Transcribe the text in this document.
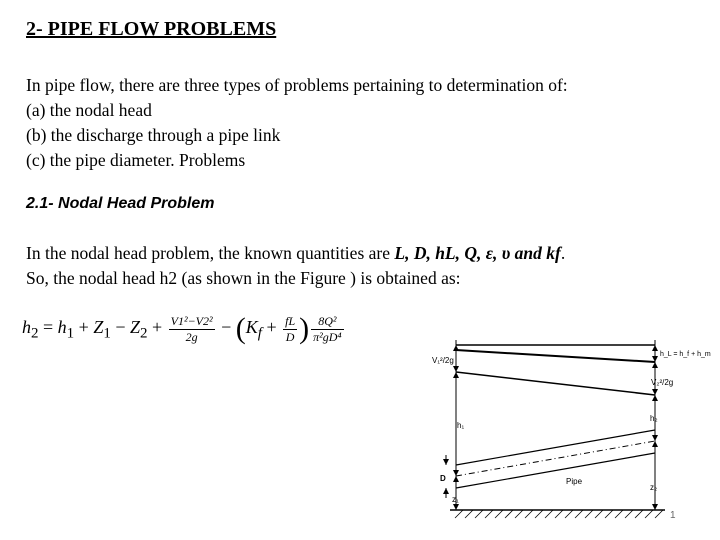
2- PIPE FLOW PROBLEMS
In pipe flow, there are three types of problems pertaining to determination of:
(a) the nodal head
(b) the discharge through a pipe link
(c) the pipe diameter. Problems
2.1- Nodal Head Problem
In the nodal head problem, the known quantities are L, D, hL, Q, ε, υ and kf.
So, the nodal head h2 (as shown in the Figure ) is obtained as:
$h_2 = h_1 + Z_1 - Z_2 + \frac{\text{V1²−V2²}}{2g} - (K_f + \frac{fL}{D}$ ) $\frac{\text{8Q²}}{\text{π²gD⁴}}$
V₁²/2g
h_L = h_f + h_m
V₂²/2g
h₁
h₂
D	Pipe
z₁
z₂
1
